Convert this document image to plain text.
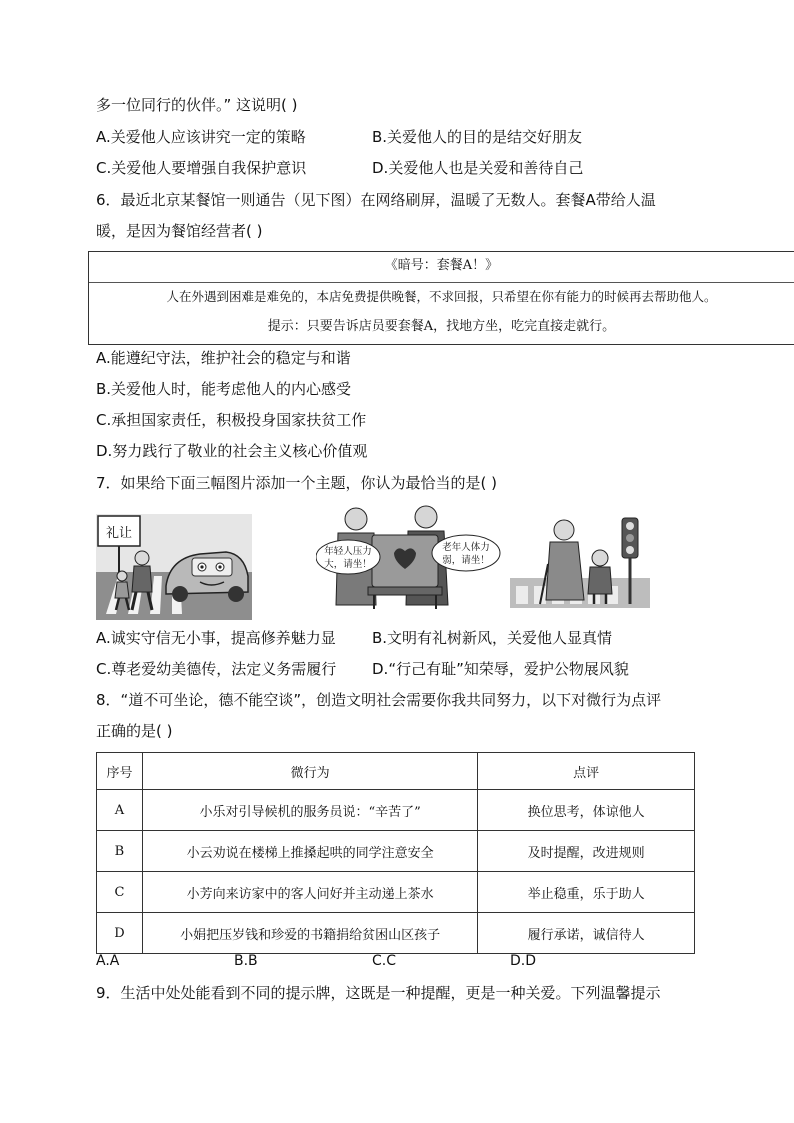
多一位同行的伙伴。” 这说明( )
A.关爱他人应该讲究一定的策略	B.关爱他人的目的是结交好朋友
C.关爱他人要增强自我保护意识	D.关爱他人也是关爱和善待自己
6．最近北京某餐馆一则通告（见下图）在网络刷屏，温暖了无数人。套餐A带给人温
暖，是因为餐馆经营者( )
《暗号：套餐A！》
人在外遇到困难是难免的，本店免费提供晚餐，不求回报，只希望在你有能力的时候再去帮助他人。
提示：只要告诉店员要套餐A，找地方坐，吃完直接走就行。
A.能遵纪守法，维护社会的稳定与和谐
B.关爱他人时，能考虑他人的内心感受
C.承担国家责任，积极投身国家扶贫工作
D.努力践行了敬业的社会主义核心价值观
7．如果给下面三幅图片添加一个主题，你认为最恰当的是( )
礼让
年轻人压力
大，请坐！
老年人体力
弱，请坐！
A.诚实守信无小事，提高修养魅力显 B.文明有礼树新风，关爱他人显真情
C.尊老爱幼美德传，法定义务需履行 D.“行己有耻”知荣辱，爱护公物展风貌
8．“道不可坐论，德不能空谈”，创造文明社会需要你我共同努力，以下对微行为点评
正确的是( )
序号	微行为	点评
A	小乐对引导候机的服务员说：“辛苦了”	换位思考，体谅他人
B	小云劝说在楼梯上推搡起哄的同学注意安全	及时提醒，改进规则
C	小芳向来访家中的客人问好并主动递上茶水	举止稳重，乐于助人
D	小娟把压岁钱和珍爱的书籍捐给贫困山区孩子	履行承诺，诚信待人
A.A	B.B	C.C	D.D
9．生活中处处能看到不同的提示牌，这既是一种提醒，更是一种关爱。下列温馨提示
